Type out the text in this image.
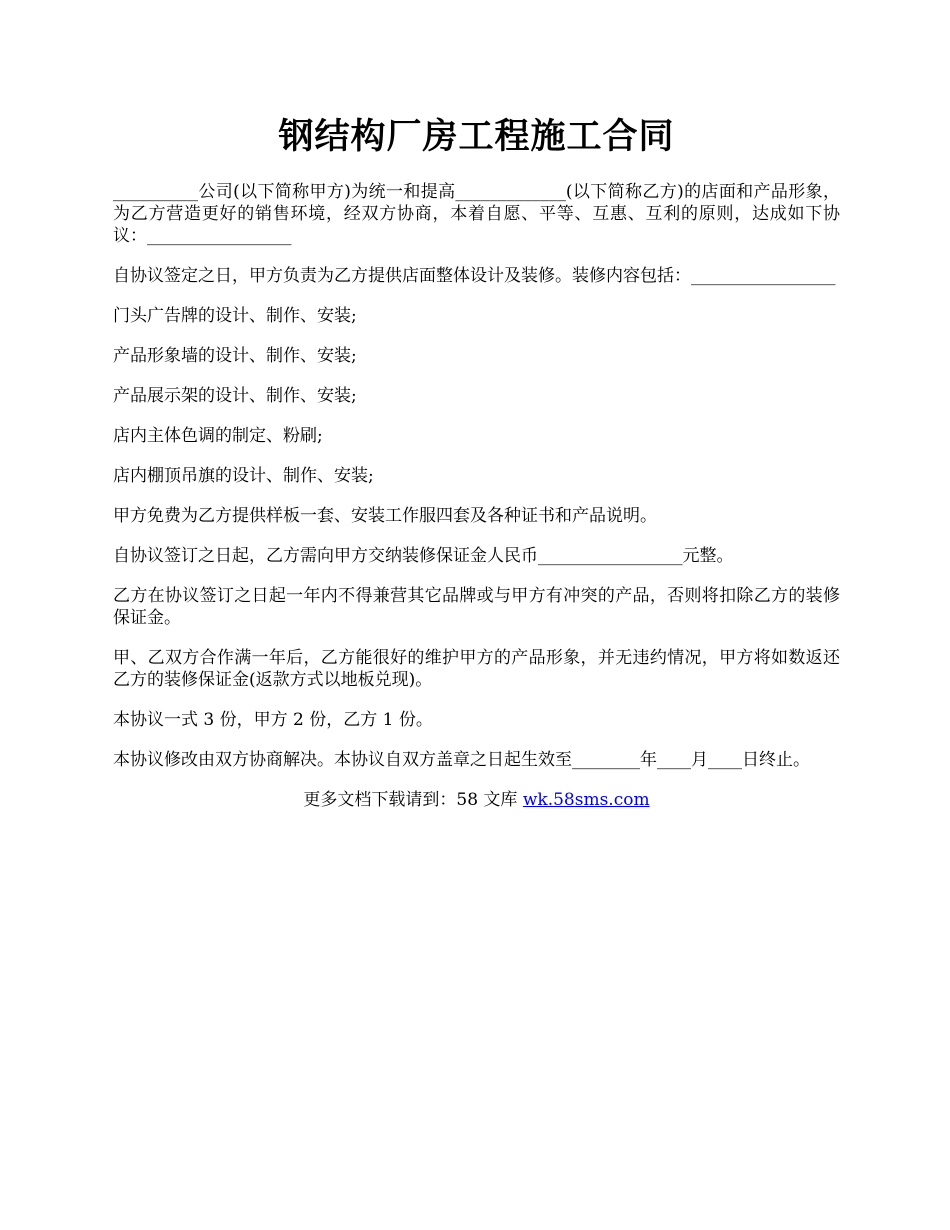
钢结构厂房工程施工合同

__________公司(以下简称甲方)为统一和提高_____________(以下简称乙方)的店面和产品形象，为乙方营造更好的销售环境，经双方协商，本着自愿、平等、互惠、互利的原则，达成如下协议：_________________

自协议签定之日，甲方负责为乙方提供店面整体设计及装修。装修内容包括：_________________

门头广告牌的设计、制作、安装;

产品形象墙的设计、制作、安装;

产品展示架的设计、制作、安装;

店内主体色调的制定、粉刷;

店内棚顶吊旗的设计、制作、安装;

甲方免费为乙方提供样板一套、安装工作服四套及各种证书和产品说明。

自协议签订之日起，乙方需向甲方交纳装修保证金人民币_________________元整。

乙方在协议签订之日起一年内不得兼营其它品牌或与甲方有冲突的产品，否则将扣除乙方的装修保证金。

甲、乙双方合作满一年后，乙方能很好的维护甲方的产品形象，并无违约情况，甲方将如数返还乙方的装修保证金(返款方式以地板兑现)。

本协议一式 3 份，甲方 2 份，乙方 1 份。

本协议修改由双方协商解决。本协议自双方盖章之日起生效至________年____月____日终止。

更多文档下载请到：58 文库 wk.58sms.com
